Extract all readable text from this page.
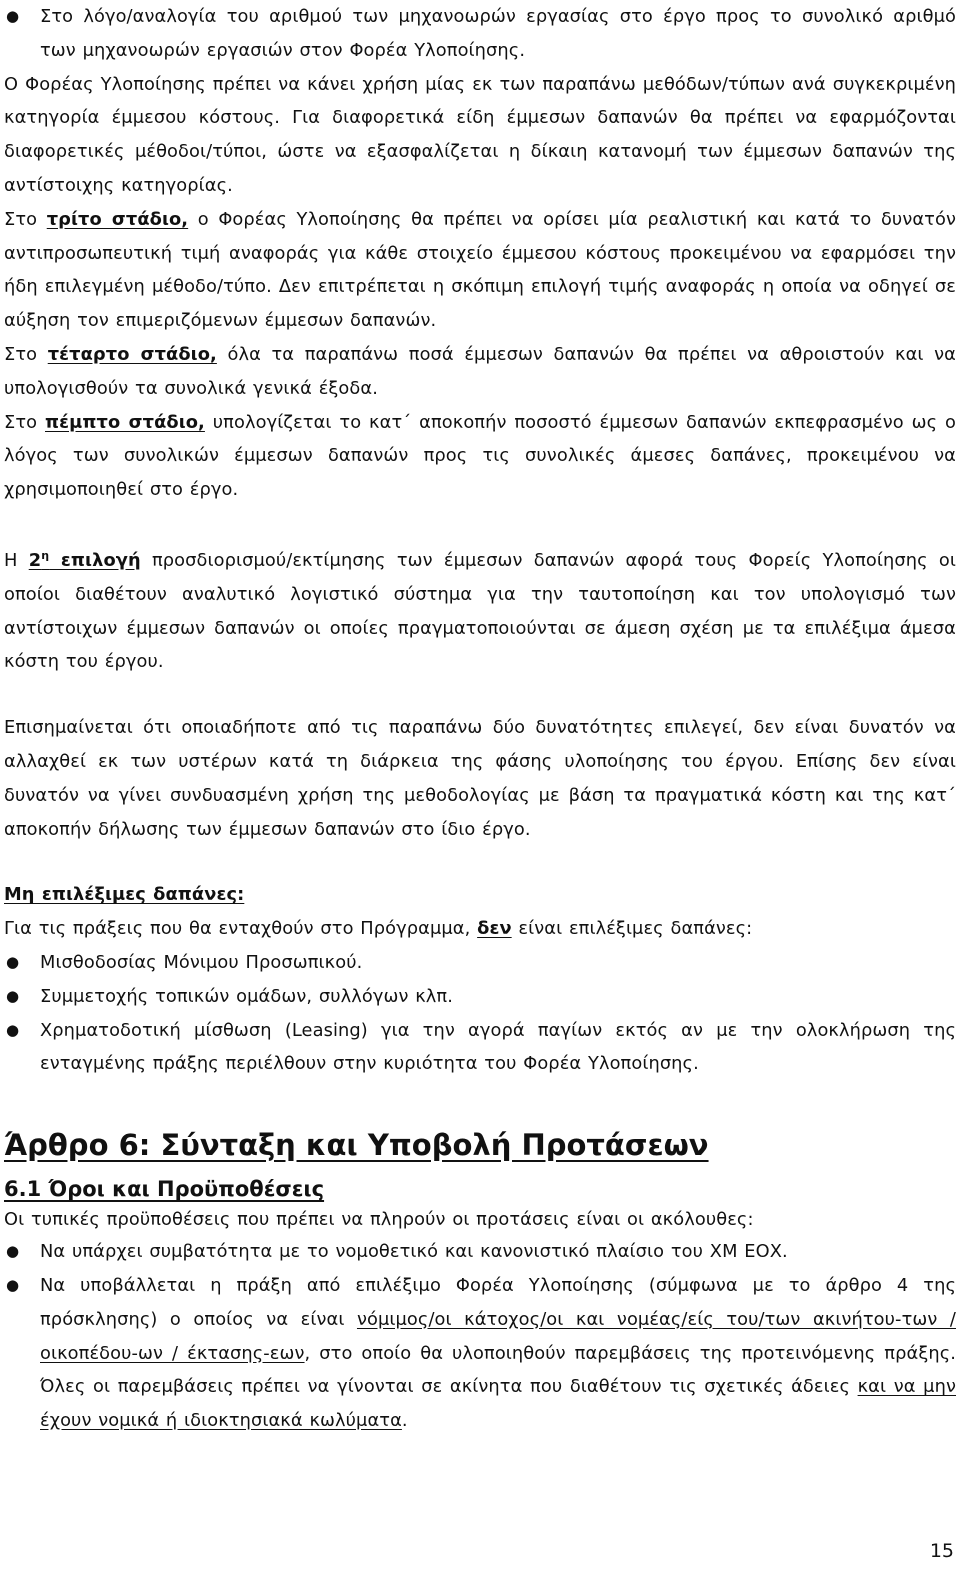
● Στο λόγο/αναλογία του αριθμού των μηχανοωρών εργασίας στο έργο προς το συνολικό αριθμό των μηχανοωρών εργασιών στον Φορέα Υλοποίησης.

Ο Φορέας Υλοποίησης πρέπει να κάνει χρήση μίας εκ των παραπάνω μεθόδων/τύπων ανά συγκεκριμένη κατηγορία έμμεσου κόστους. Για διαφορετικά είδη έμμεσων δαπανών θα πρέπει να εφαρμόζονται διαφορετικές μέθοδοι/τύποι, ώστε να εξασφαλίζεται η δίκαιη κατανομή των έμμεσων δαπανών της αντίστοιχης κατηγορίας.

Στο τρίτο στάδιο, ο Φορέας Υλοποίησης θα πρέπει να ορίσει μία ρεαλιστική και κατά το δυνατόν αντιπροσωπευτική τιμή αναφοράς για κάθε στοιχείο έμμεσου κόστους προκειμένου να εφαρμόσει την ήδη επιλεγμένη μέθοδο/τύπο. Δεν επιτρέπεται η σκόπιμη επιλογή τιμής αναφοράς η οποία να οδηγεί σε αύξηση τον επιμεριζόμενων έμμεσων δαπανών.

Στο τέταρτο στάδιο, όλα τα παραπάνω ποσά έμμεσων δαπανών θα πρέπει να αθροιστούν και να υπολογισθούν τα συνολικά γενικά έξοδα.

Στο πέμπτο στάδιο, υπολογίζεται το κατ΄ αποκοπήν ποσοστό έμμεσων δαπανών εκπεφρασμένο ως ο λόγος των συνολικών έμμεσων δαπανών προς τις συνολικές άμεσες δαπάνες, προκειμένου να χρησιμοποιηθεί στο έργο.

Η $2^\eta$ επιλογή προσδιορισμού/εκτίμησης των έμμεσων δαπανών αφορά τους Φορείς Υλοποίησης οι οποίοι διαθέτουν αναλυτικό λογιστικό σύστημα για την ταυτοποίηση και τον υπολογισμό των αντίστοιχων έμμεσων δαπανών οι οποίες πραγματοποιούνται σε άμεση σχέση με τα επιλέξιμα άμεσα κόστη του έργου.

Επισημαίνεται ότι οποιαδήποτε από τις παραπάνω δύο δυνατότητες επιλεγεί, δεν είναι δυνατόν να αλλαχθεί εκ των υστέρων κατά τη διάρκεια της φάσης υλοποίησης του έργου. Επίσης δεν είναι δυνατόν να γίνει συνδυασμένη χρήση της μεθοδολογίας με βάση τα πραγματικά κόστη και της κατ΄ αποκοπήν δήλωσης των έμμεσων δαπανών στο ίδιο έργο.

Μη επιλέξιμες δαπάνες:

Για τις πράξεις που θα ενταχθούν στο Πρόγραμμα, δεν είναι επιλέξιμες δαπάνες:

● Μισθοδοσίας Μόνιμου Προσωπικού.
● Συμμετοχής τοπικών ομάδων, συλλόγων κλπ.
● Χρηματοδοτική μίσθωση (Leasing) για την αγορά παγίων εκτός αν με την ολοκλήρωση της ενταγμένης πράξης περιέλθουν στην κυριότητα του Φορέα Υλοποίησης.
Άρθρο 6: Σύνταξη και Υποβολή Προτάσεων
6.1 Όροι και Προϋποθέσεις

Οι τυπικές προϋποθέσεις που πρέπει να πληρούν οι προτάσεις είναι οι ακόλουθες:

● Να υπάρχει συμβατότητα με το νομοθετικό και κανονιστικό πλαίσιο του ΧΜ ΕΟΧ.
● Να υποβάλλεται η πράξη από επιλέξιμο Φορέα Υλοποίησης (σύμφωνα με το άρθρο 4 της πρόσκλησης) ο οποίος να είναι νόμιμος/οι κάτοχος/οι και νομέας/είς του/των ακινήτου-των / οικοπέδου-ων / έκτασης-εων, στο οποίο θα υλοποιηθούν παρεμβάσεις της προτεινόμενης πράξης. Όλες οι παρεμβάσεις πρέπει να γίνονται σε ακίνητα που διαθέτουν τις σχετικές άδειες και να μην έχουν νομικά ή ιδιοκτησιακά κωλύματα.
15
